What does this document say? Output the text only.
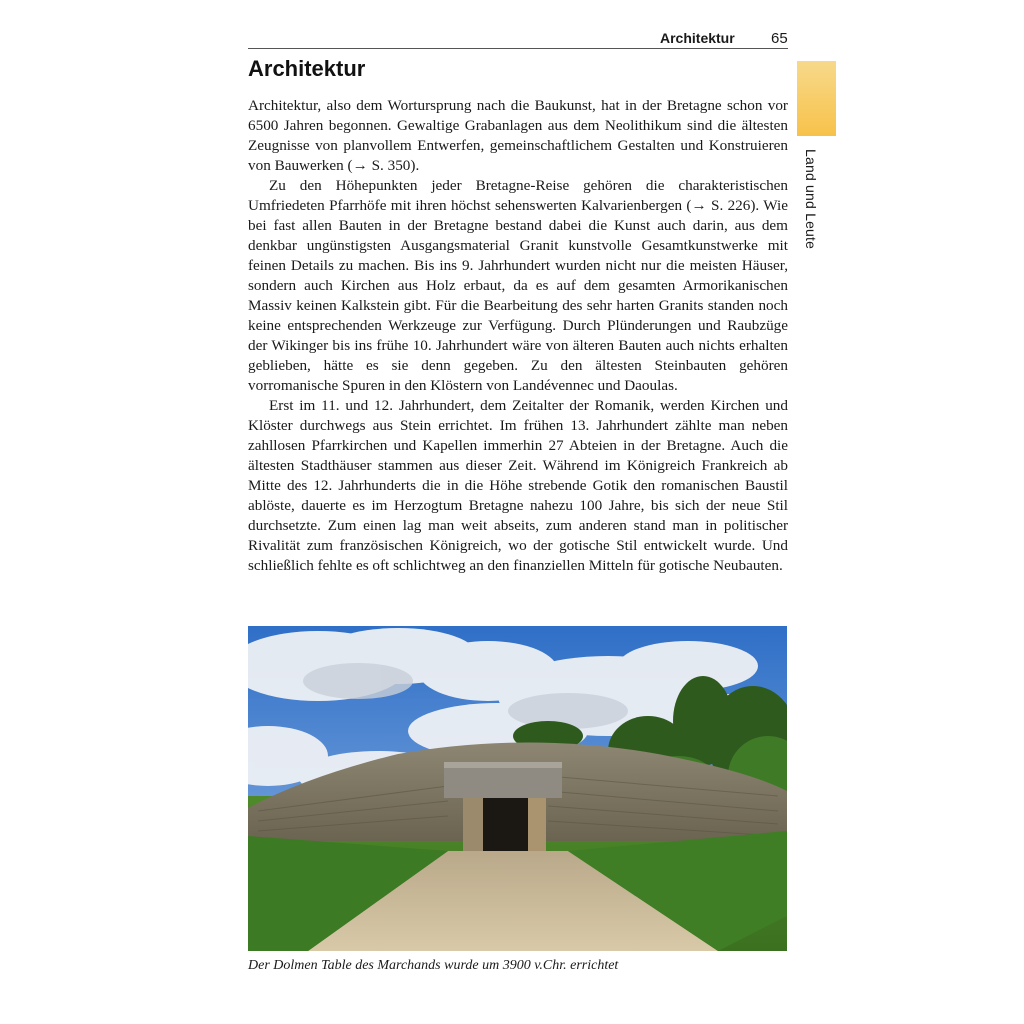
Architektur 65
Land und Leute
Architektur

Architektur, also dem Wortursprung nach die Baukunst, hat in der Bretagne schon vor 6500 Jahren begonnen. Gewaltige Grabanlagen aus dem Neolithikum sind die ältesten Zeugnisse von planvollem Entwerfen, gemeinschaftlichem Gestalten und Konstruieren von Bauwerken (→ S. 350).

Zu den Höhepunkten jeder Bretagne-Reise gehören die charakteristischen Umfriedeten Pfarrhöfe mit ihren höchst sehenswerten Kalvarienbergen (→ S. 226). Wie bei fast allen Bauten in der Bretagne bestand dabei die Kunst auch darin, aus dem denkbar ungünstigsten Ausgangsmaterial Granit kunstvolle Gesamtkunstwerke mit feinen Details zu machen. Bis ins 9. Jahrhundert wurden nicht nur die meisten Häuser, sondern auch Kirchen aus Holz erbaut, da es auf dem gesamten Armorikanischen Massiv keinen Kalkstein gibt. Für die Bearbeitung des sehr harten Granits standen noch keine entsprechenden Werkzeuge zur Verfügung. Durch Plünderungen und Raubzüge der Wikinger bis ins frühe 10. Jahrhundert wäre von älteren Bauten auch nichts erhalten geblieben, hätte es sie denn gegeben. Zu den ältesten Steinbauten gehören vorromanische Spuren in den Klöstern von Landévennec und Daoulas.

Erst im 11. und 12. Jahrhundert, dem Zeitalter der Romanik, werden Kirchen und Klöster durchwegs aus Stein errichtet. Im frühen 13. Jahrhundert zählte man neben zahllosen Pfarrkirchen und Kapellen immerhin 27 Abteien in der Bretagne. Auch die ältesten Stadthäuser stammen aus dieser Zeit. Während im Königreich Frankreich ab Mitte des 12. Jahrhunderts die in die Höhe strebende Gotik den romanischen Baustil ablöste, dauerte es im Herzogtum Bretagne nahezu 100 Jahre, bis sich der neue Stil durchsetzte. Zum einen lag man weit abseits, zum anderen stand man in politischer Rivalität zum französischen Königreich, wo der gotische Stil entwickelt wurde. Und schließlich fehlte es oft schlichtweg an den finanziellen Mitteln für gotische Neubauten.

Der Dolmen Table des Marchands wurde um 3900 v.Chr. errichtet
